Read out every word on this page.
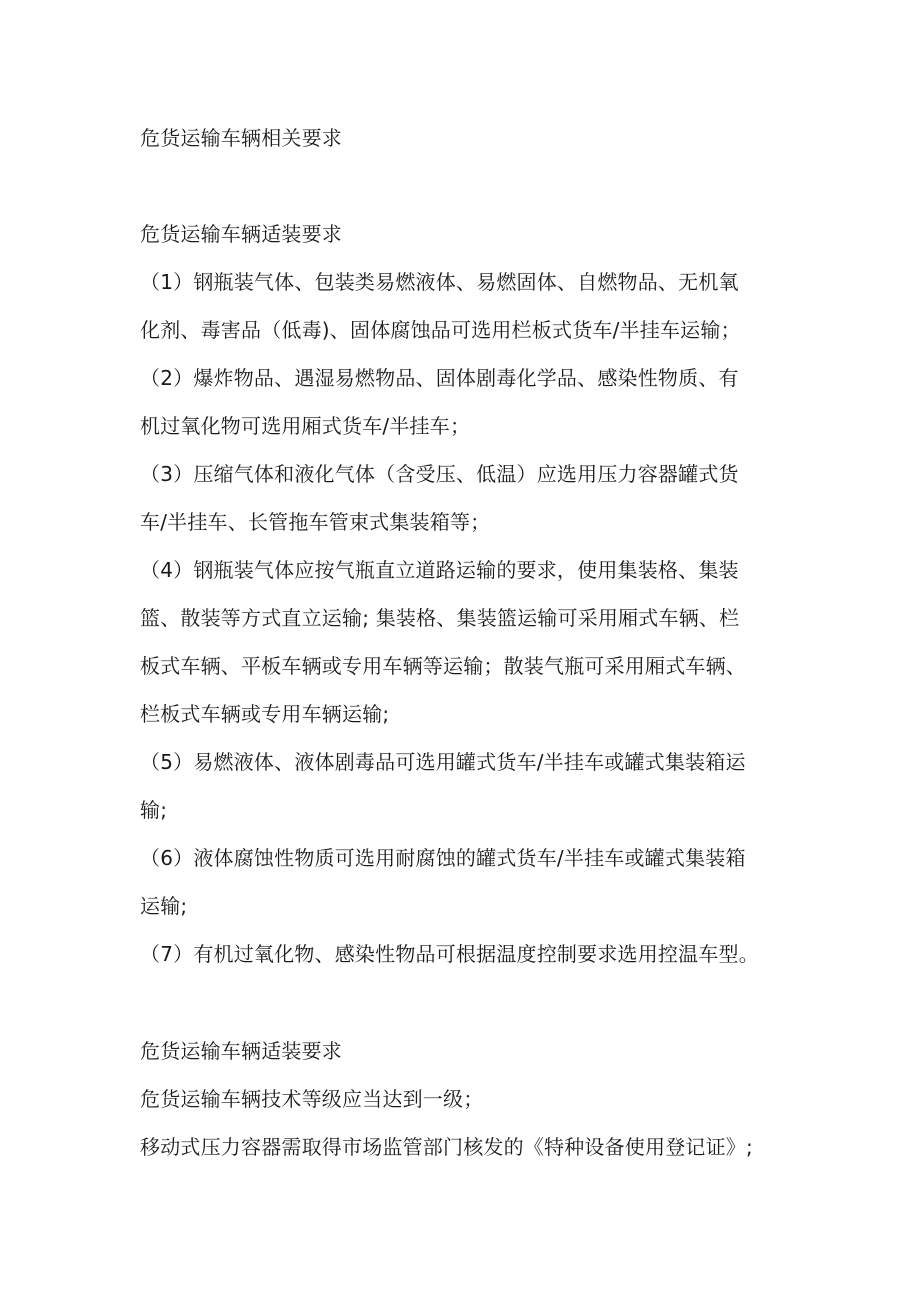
危货运输车辆相关要求
危货运输车辆适装要求
（1）钢瓶装气体、包装类易燃液体、易燃固体、自燃物品、无机氧
化剂、毒害品（低毒)、固体腐蚀品可选用栏板式货车/半挂车运输；
（2）爆炸物品、遇湿易燃物品、固体剧毒化学品、感染性物质、有
机过氧化物可选用厢式货车/半挂车；
（3）压缩气体和液化气体（含受压、低温）应选用压力容器罐式货
车/半挂车、长管拖车管束式集装箱等；
（4）钢瓶装气体应按气瓶直立道路运输的要求，使用集装格、集装
篮、散装等方式直立运输; 集装格、集装篮运输可采用厢式车辆、栏
板式车辆、平板车辆或专用车辆等运输；散装气瓶可采用厢式车辆、
栏板式车辆或专用车辆运输;
（5）易燃液体、液体剧毒品可选用罐式货车/半挂车或罐式集装箱运
输;
（6）液体腐蚀性物质可选用耐腐蚀的罐式货车/半挂车或罐式集装箱
运输;
（7）有机过氧化物、感染性物品可根据温度控制要求选用控温车型。
危货运输车辆适装要求
危货运输车辆技术等级应当达到一级；
移动式压力容器需取得市场监管部门核发的《特种设备使用登记证》;
